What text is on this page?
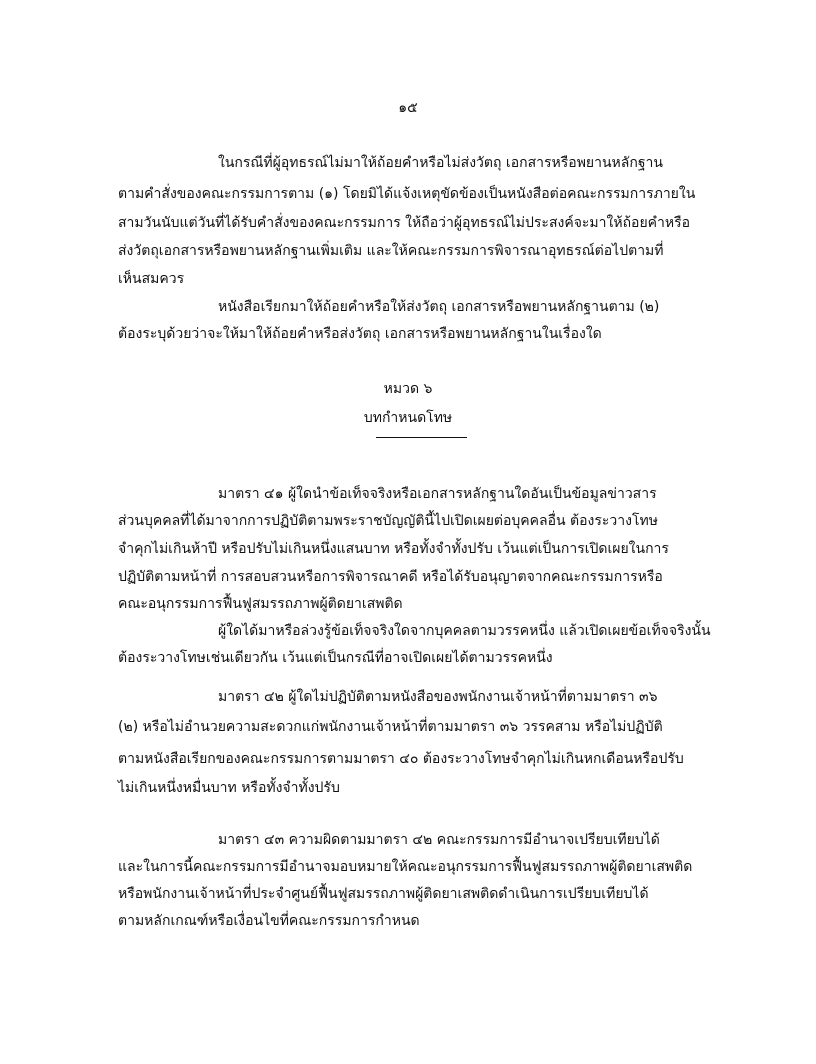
๑๕
ในกรณีที่ผู้อุทธรณ์ไม่มาให้ถ้อยคำหรือไม่ส่งวัตถุ เอกสารหรือพยานหลักฐาน
ตามคำสั่งของคณะกรรมการตาม (๑) โดยมิได้แจ้งเหตุขัดข้องเป็นหนังสือต่อคณะกรรมการภายใน
สามวันนับแต่วันที่ได้รับคำสั่งของคณะกรรมการ ให้ถือว่าผู้อุทธรณ์ไม่ประสงค์จะมาให้ถ้อยคำหรือ
ส่งวัตถุเอกสารหรือพยานหลักฐานเพิ่มเติม และให้คณะกรรมการพิจารณาอุทธรณ์ต่อไปตามที่
เห็นสมควร
หนังสือเรียกมาให้ถ้อยคำหรือให้ส่งวัตถุ เอกสารหรือพยานหลักฐานตาม (๒)
ต้องระบุด้วยว่าจะให้มาให้ถ้อยคำหรือส่งวัตถุ เอกสารหรือพยานหลักฐานในเรื่องใด
หมวด ๖
บทกำหนดโทษ
มาตรา ๔๑ ผู้ใดนำข้อเท็จจริงหรือเอกสารหลักฐานใดอันเป็นข้อมูลข่าวสาร
ส่วนบุคคลที่ได้มาจากการปฏิบัติตามพระราชบัญญัตินี้ไปเปิดเผยต่อบุคคลอื่น ต้องระวางโทษ
จำคุกไม่เกินห้าปี หรือปรับไม่เกินหนึ่งแสนบาท หรือทั้งจำทั้งปรับ เว้นแต่เป็นการเปิดเผยในการ
ปฏิบัติตามหน้าที่ การสอบสวนหรือการพิจารณาคดี หรือได้รับอนุญาตจากคณะกรรมการหรือ
คณะอนุกรรมการฟื้นฟูสมรรถภาพผู้ติดยาเสพติด
ผู้ใดได้มาหรือล่วงรู้ข้อเท็จจริงใดจากบุคคลตามวรรคหนึ่ง แล้วเปิดเผยข้อเท็จจริงนั้น
ต้องระวางโทษเช่นเดียวกัน เว้นแต่เป็นกรณีที่อาจเปิดเผยได้ตามวรรคหนึ่ง
มาตรา ๔๒ ผู้ใดไม่ปฏิบัติตามหนังสือของพนักงานเจ้าหน้าที่ตามมาตรา ๓๖
(๒) หรือไม่อำนวยความสะดวกแก่พนักงานเจ้าหน้าที่ตามมาตรา ๓๖ วรรคสาม หรือไม่ปฏิบัติ
ตามหนังสือเรียกของคณะกรรมการตามมาตรา ๔๐ ต้องระวางโทษจำคุกไม่เกินหกเดือนหรือปรับ
ไม่เกินหนึ่งหมื่นบาท หรือทั้งจำทั้งปรับ
มาตรา ๔๓ ความผิดตามมาตรา ๔๒ คณะกรรมการมีอำนาจเปรียบเทียบได้
และในการนี้คณะกรรมการมีอำนาจมอบหมายให้คณะอนุกรรมการฟื้นฟูสมรรถภาพผู้ติดยาเสพติด
หรือพนักงานเจ้าหน้าที่ประจำศูนย์ฟื้นฟูสมรรถภาพผู้ติดยาเสพติดดำเนินการเปรียบเทียบได้
ตามหลักเกณฑ์หรือเงื่อนไขที่คณะกรรมการกำหนด
